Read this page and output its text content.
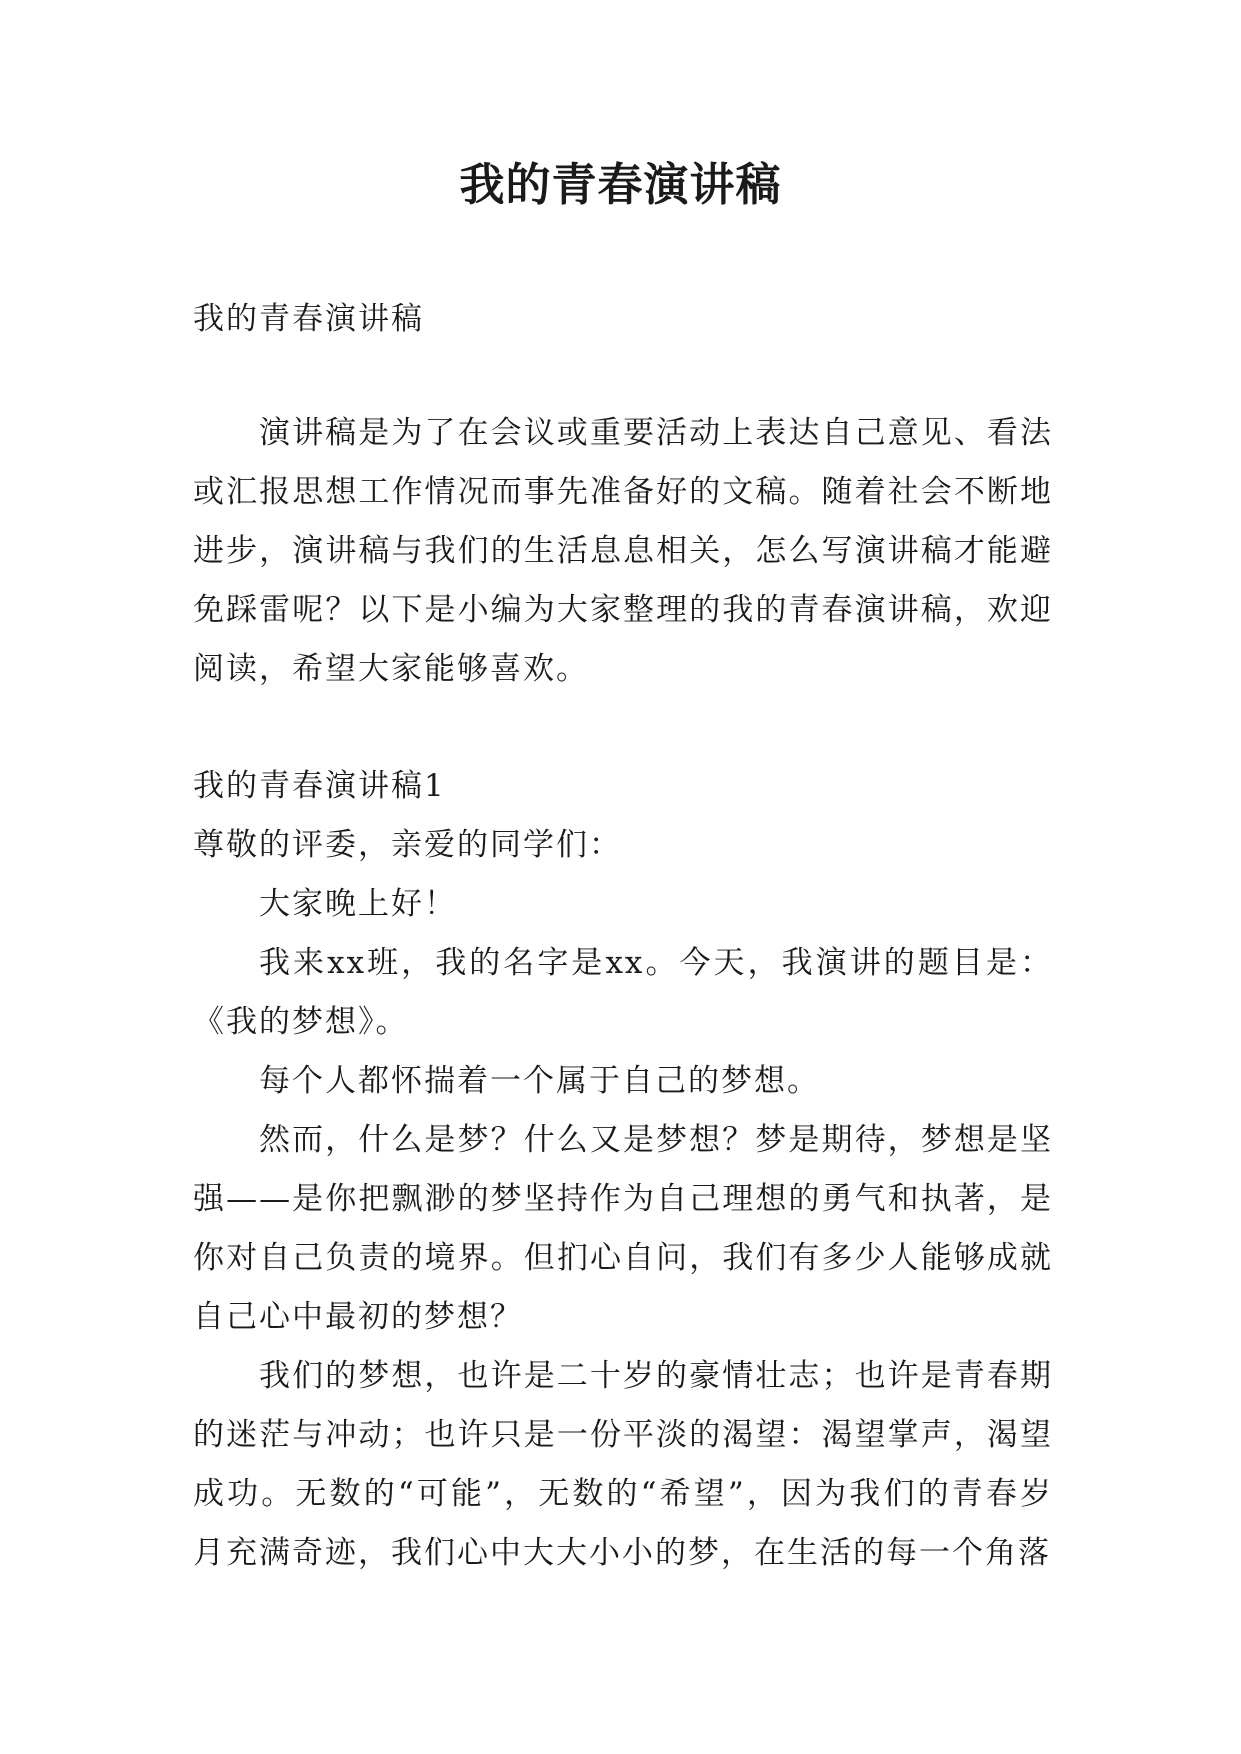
我的青春演讲稿

我的青春演讲稿

演讲稿是为了在会议或重要活动上表达自己意见、看法或汇报思想工作情况而事先准备好的文稿。随着社会不断地进步，演讲稿与我们的生活息息相关，怎么写演讲稿才能避免踩雷呢？以下是小编为大家整理的我的青春演讲稿，欢迎阅读，希望大家能够喜欢。

我的青春演讲稿1

尊敬的评委，亲爱的同学们：

大家晚上好！

我来xx班，我的名字是xx。今天，我演讲的题目是：《我的梦想》。

每个人都怀揣着一个属于自己的梦想。

然而，什么是梦？什么又是梦想？梦是期待，梦想是坚强——是你把飘渺的梦坚持作为自己理想的勇气和执著，是你对自己负责的境界。但扪心自问，我们有多少人能够成就自己心中最初的梦想？

我们的梦想，也许是二十岁的豪情壮志；也许是青春期的迷茫与冲动；也许只是一份平淡的渴望：渴望掌声，渴望成功。无数的“可能”，无数的“希望”，因为我们的青春岁月充满奇迹，我们心中大大小小的梦，在生活的每一个角落
